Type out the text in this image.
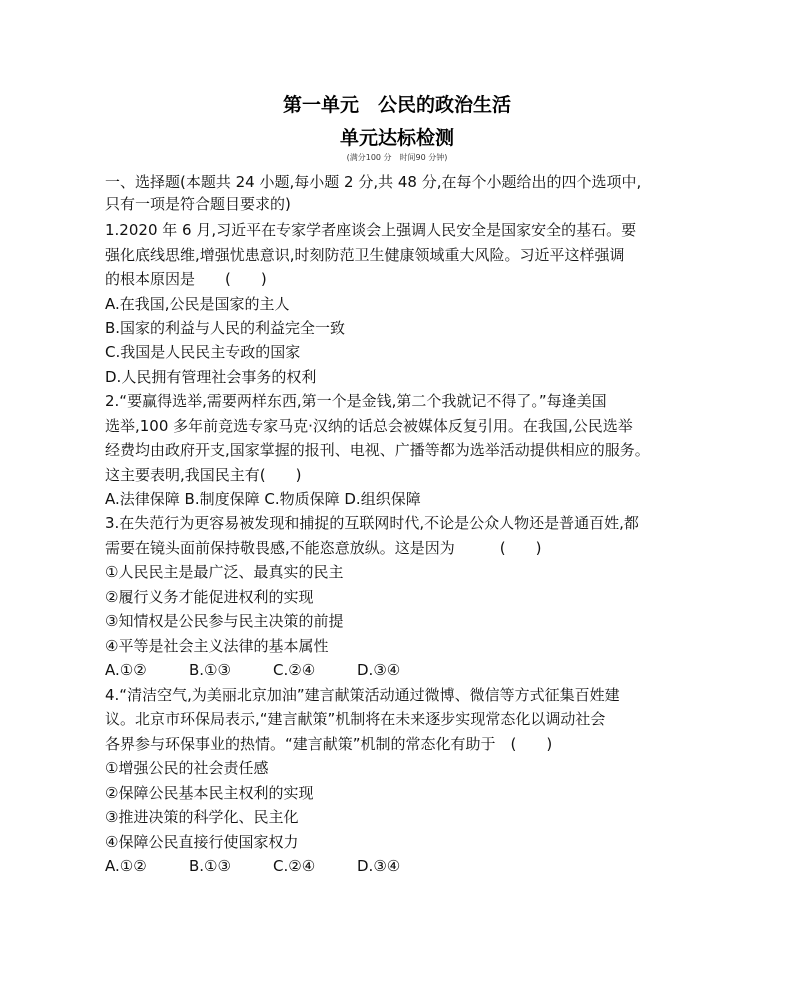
第一单元　公民的政治生活
单元达标检测
(满分100 分　时间90 分钟)
一、选择题(本题共 24 小题,每小题 2 分,共 48 分,在每个小题给出的四个选项中,
只有一项是符合题目要求的)
1.2020 年 6 月,习近平在专家学者座谈会上强调人民安全是国家安全的基石。要
强化底线思维,增强忧患意识,时刻防范卫生健康领域重大风险。习近平这样强调
的根本原因是　　(　　)
A.在我国,公民是国家的主人
B.国家的利益与人民的利益完全一致
C.我国是人民民主专政的国家
D.人民拥有管理社会事务的权利
2.“要赢得选举,需要两样东西,第一个是金钱,第二个我就记不得了。”每逢美国
选举,100 多年前竞选专家马克·汉纳的话总会被媒体反复引用。在我国,公民选举
经费均由政府开支,国家掌握的报刊、电视、广播等都为选举活动提供相应的服务。
这主要表明,我国民主有(　　)
A.法律保障 B.制度保障 C.物质保障 D.组织保障
3.在失范行为更容易被发现和捕捉的互联网时代,不论是公众人物还是普通百姓,都
需要在镜头面前保持敬畏感,不能恣意放纵。这是因为　　　(　　)
①人民民主是最广泛、最真实的民主
②履行义务才能促进权利的实现
③知情权是公民参与民主决策的前提
④平等是社会主义法律的基本属性
A.①②	B.①③	C.②④	D.③④
4.“清洁空气,为美丽北京加油”建言献策活动通过微博、微信等方式征集百姓建
议。北京市环保局表示,“建言献策”机制将在未来逐步实现常态化以调动社会
各界参与环保事业的热情。“建言献策”机制的常态化有助于　(　　)
①增强公民的社会责任感
②保障公民基本民主权利的实现
③推进决策的科学化、民主化
④保障公民直接行使国家权力
A.①②	B.①③	C.②④	D.③④
